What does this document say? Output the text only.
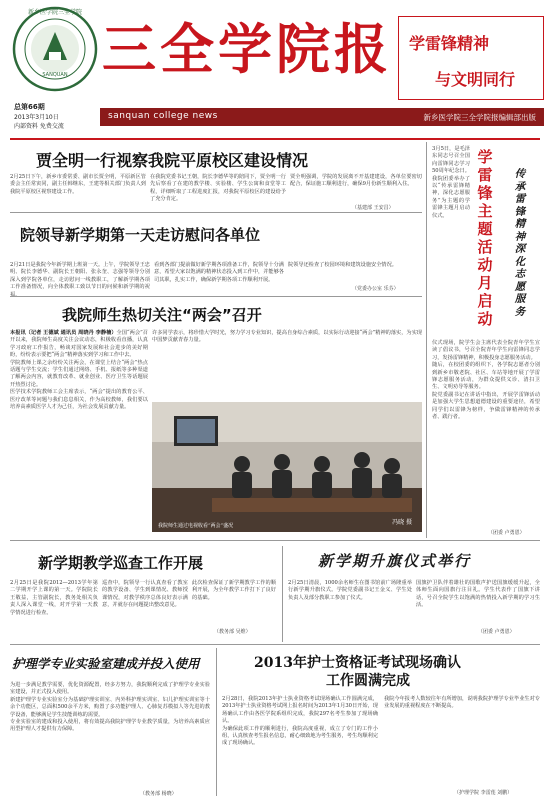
SANQUAN
新乡医学院三全学院
三全学院报 学雷锋精神
与文明同行
总第66期
2013年3月10日
内部资料 免费交流
sanquan college news	新乡医学院三全学院报编辑部出版
贾全明一行视察我院平原校区建设情况
2月25日下午，新乡市委常委、副市长贾全明，平原新区管委会主任常寅同，副主任韩继东，王建等相关部门负责人到我院平原校区视察建设工作。
在我院党委书记王朝，院长李德华等的陪同下，贾全明一行先后察看了在建的教学楼、实验楼、学生公寓和食堂等工程，详细听取了工程进度汇报，对我院平原校区的建设给予了充分肯定。
贾全明强调，学院的发展离不开基建建设，各单位要密切配合，保证施工顺利进行，确保9月份新生顺利入住。
（基建部 王安昌）
院领导新学期第一天走访慰问各单位
2月21日是我院今年新学期上班第一天。上午，学院领导王忠明、院长李德华、副院长王朝阳、张永奎、志强等领导分别深入到学院各单位，走访慰问一线教职工，了解新学期各项工作准备情况，向全体教职工致以节日的问候和新学期的祝福。
看到各部门提前做好新学期各项准备工作，院领导十分满意，希望大家以饱满的精神状态投入到工作中，并能够各司其职，扎实工作，确保新学期各项工作顺利开展。
院领导还检查了校园环境和建筑设施安全情况。
（党委办公室 乐芬）
我院师生热切关注“两会”召开
本报讯（记者 王德斌 通讯员 周晓丹 李静楠）全国“两会”召开以来，我院师生高度关注会议动态，积极收看直播，认真学习政府工作报告，畅谈对国家发展和社会进步的美好期盼，纷纷表示要把“两会”精神落实到学习和工作中去。
学院教师上课之余纷纷关注两会，在课堂上结合“两会”热点话题与学生交流；学生们通过网络、手机、报纸等多种渠道了解两会内容，就教育改革、就业创业、医疗卫生等话题展开热烈讨论。
医学技术学院教师工会主席表示，“两会”提出的教育公平、医疗改革等问题与我们息息相关，作为高校教师，我们要以培养高素质医学人才为己任，为社会发展贡献力量。
许多同学表示，将珍惜大学时光，努力学习专业知识，提高自身综合素质，以实际行动迎接“两会”精神的落实，为实现中国梦贡献青春力量。
我院师生通过电视收看“两会”盛况	冯晓 摄
新学期教学巡查工作开展
2月25日是我院2012—2013学年第二学期开学上课的第一天。学院院长王敬益，主管副院长，教务处相关负责人深入课堂一线，对开学第一天教学情况进行检查。
巡查中，院领导一行认真查看了教室的教学设备、学生到课情况、教师授课情况，对教学秩序总体良好表示满意，并就存在问题提出整改意见。
此次检查保证了新学期教学工作的顺利开展，为全年教学工作打下了良好的基础。
（教务部 吴维）
新学期升旗仪式举行
2月25日清晨，1000余名师生在图书馆前广场隆重举行新学期升旗仪式。学院党委副书记王金义、学生处负责人及部分教职工参加了仪式。
国旗护卫队伴着雄壮的国歌声护送国旗缓缓升起，全体师生面向国旗行注目礼。学生代表作了国旗下讲话，号召全院学生以饱满的热情投入新学期的学习生活。
（团委 卢勇恩）
护理学专业实验室建成并投入使用
为进一步满足教学需要，优化资源配置，经多方努力，我院顺利完成了护理学专业实验室建设，并正式投入使用。
新建护理学专业实验室分为基础护理实训室、内外科护理实训室、妇儿护理实训室等十余个功能区，总面积500余平方米，购置了多功能护理人、心肺复苏模拟人等先进的教学设备，能够满足学生技能训练的需要。
专业实验室的建成和投入使用，将有效提高我院护理学专业教学质量，为培养高素质应用型护理人才提供有力保障。
（教务部 杨晓）
2013年护士资格证考试现场确认
工作圆满完成
2月28日，我院2013年护士执业资格考试现场确认工作圆满完成，2013年护士执业资格考试网上报名时间为2013年1月30日开始，现场确认工作由各医学院系组织完成，我院297名考生参加了现场确认。
为确保此项工作的顺利进行，我院高度重视，成立了专门的工作小组，认真核查考生报名信息，耐心细致地为考生服务，考生均顺利完成了现场确认。
我院今年报考人数较往年有所增加，说明我院护理学专业毕业生对专业发展的重视程度在不断提高。
（护理学院 李雷莲 刘鹏）
3月5日，是毛泽东同志号召全国向雷锋同志学习50周年纪念日。我院团委举办了以“传承雷锋精神，深化志愿服务”为主题的学雷锋主题月启动仪式。
学雷锋主题活动月启动
传承雷锋精神 深化志愿服务
仪式现场，院学生会主席代表全院青年学生宣读了倡议书，号召全院青年学生向雷锋同志学习，发扬雷锋精神，积极投身志愿服务活动。
随后，在校团委的组织下，各学院志愿者分别到新乡市敬老院、社区、车站等地开展了学雷锋志愿服务活动，为群众提供义诊、清扫卫生、文明劝导等服务。
院党委副书记在讲话中指出，开展学雷锋活动是加强大学生思想道德建设的重要途径，希望同学们以雷锋为榜样，争做雷锋精神的传承者、践行者。
（团委 卢勇恩）
